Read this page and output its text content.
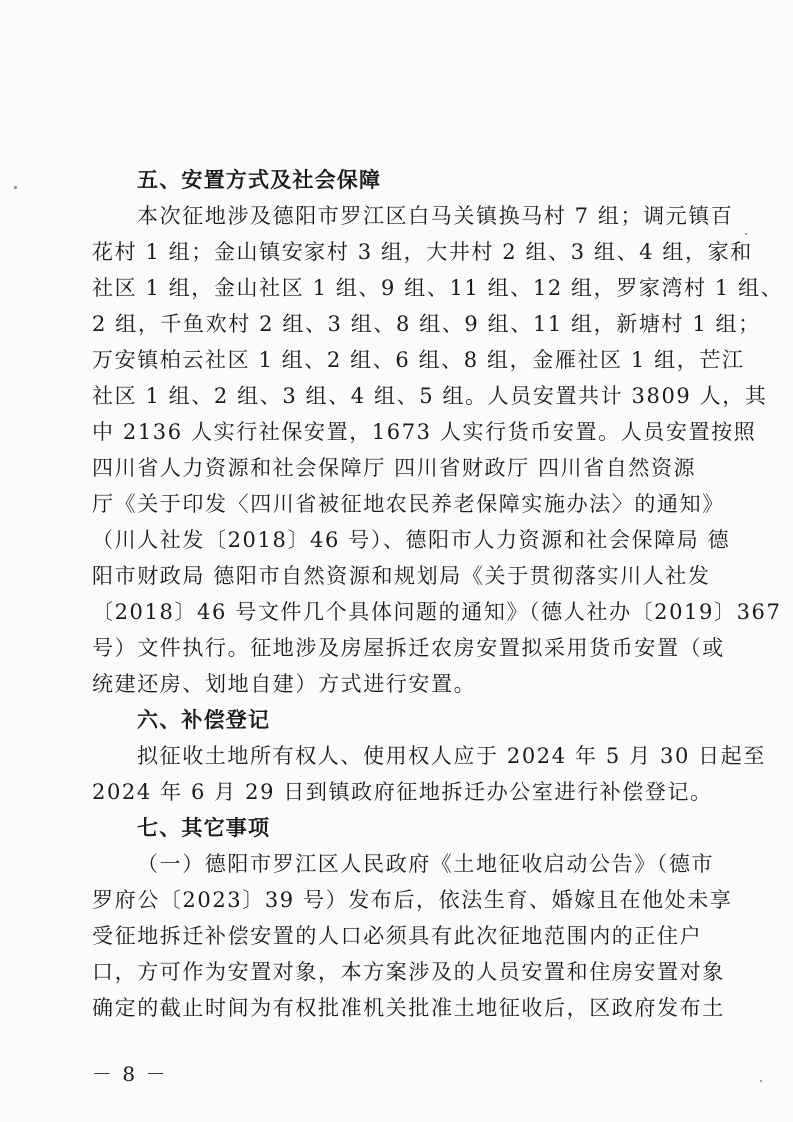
五、安置方式及社会保障
本次征地涉及德阳市罗江区白马关镇换马村 7 组；调元镇百
花村 1 组；金山镇安家村 3 组，大井村 2 组、3 组、4 组，家和
社区 1 组，金山社区 1 组、9 组、11 组、12 组，罗家湾村 1 组、
2 组，千鱼欢村 2 组、3 组、8 组、9 组、11 组，新塘村 1 组；
万安镇柏云社区 1 组、2 组、6 组、8 组，金雁社区 1 组，芒江
社区 1 组、2 组、3 组、4 组、5 组。人员安置共计 3809 人，其
中 2136 人实行社保安置，1673 人实行货币安置。人员安置按照
四川省人力资源和社会保障厅 四川省财政厅 四川省自然资源
厅《关于印发〈四川省被征地农民养老保障实施办法〉的通知》
（川人社发〔2018〕46 号）、德阳市人力资源和社会保障局 德
阳市财政局 德阳市自然资源和规划局《关于贯彻落实川人社发
〔2018〕46 号文件几个具体问题的通知》（德人社办〔2019〕367
号）文件执行。征地涉及房屋拆迁农房安置拟采用货币安置（或
统建还房、划地自建）方式进行安置。
六、补偿登记
拟征收土地所有权人、使用权人应于 2024 年 5 月 30 日起至
2024 年 6 月 29 日到镇政府征地拆迁办公室进行补偿登记。
七、其它事项
（一）德阳市罗江区人民政府《土地征收启动公告》（德市
罗府公〔2023〕39 号）发布后，依法生育、婚嫁且在他处未享
受征地拆迁补偿安置的人口必须具有此次征地范围内的正住户
口，方可作为安置对象，本方案涉及的人员安置和住房安置对象
确定的截止时间为有权批准机关批准土地征收后，区政府发布土
－ 8 －
